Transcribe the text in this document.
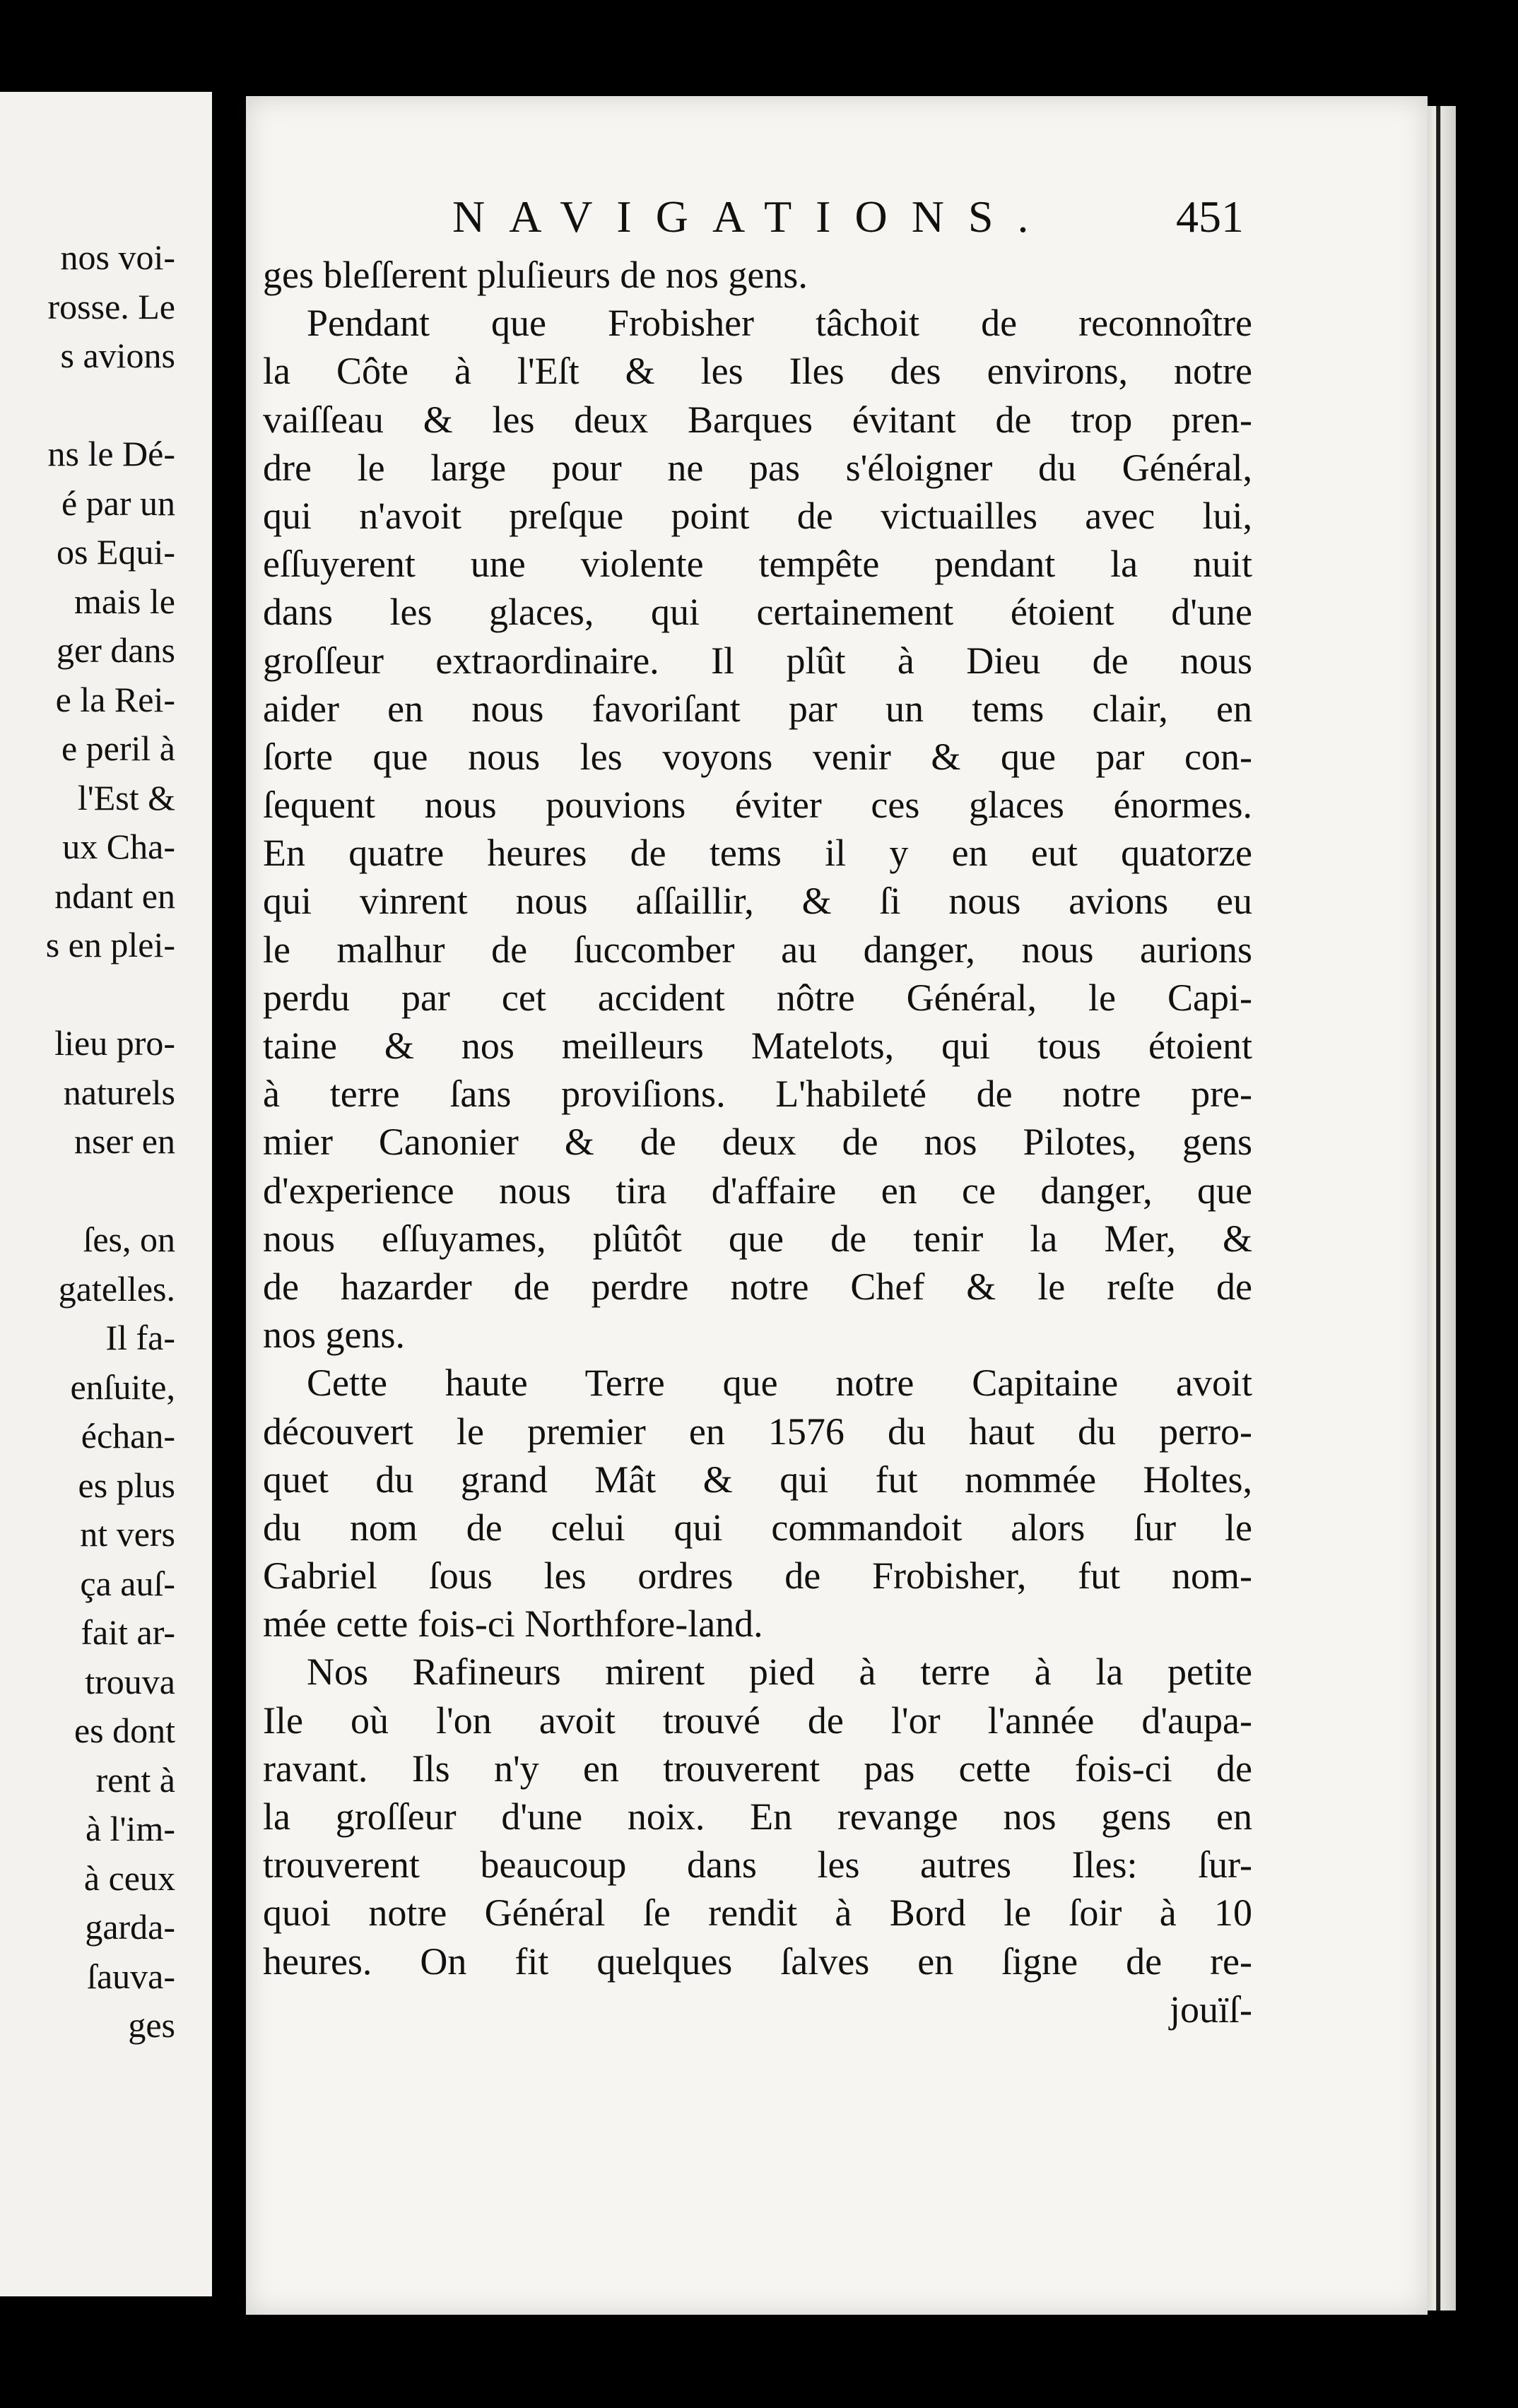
nos voi-
rosse. Le
s avions
ns le Dé-
é par un
os Equi-
mais le
ger dans
e la Rei-
e peril à
l'Est &
ux Cha-
ndant en
s en plei-
lieu pro-
naturels
nser en
ſes, on
gatelles.
Il fa-
enſuite,
échan-
es plus
nt vers
ça auſ-
fait ar-
trouva
es dont
rent à
à l'im-
à ceux
garda-
ſauva-
ges
NAVIGATIONS.	451
ges bleſſerent pluſieurs de nos gens.
Pendant que Frobisher tâchoit de reconnoître
la Côte à l'Eſt & les Iles des environs, notre
vaiſſeau & les deux Barques évitant de trop pren-
dre le large pour ne pas s'éloigner du Général,
qui n'avoit preſque point de victuailles avec lui,
eſſuyerent une violente tempête pendant la nuit
dans les glaces, qui certainement étoient d'une
groſſeur extraordinaire. Il plût à Dieu de nous
aider en nous favoriſant par un tems clair, en
ſorte que nous les voyons venir & que par con-
ſequent nous pouvions éviter ces glaces énormes.
En quatre heures de tems il y en eut quatorze
qui vinrent nous aſſaillir, & ſi nous avions eu
le malhur de ſuccomber au danger, nous aurions
perdu par cet accident nôtre Général, le Capi-
taine & nos meilleurs Matelots, qui tous étoient
à terre ſans proviſions. L'habileté de notre pre-
mier Canonier & de deux de nos Pilotes, gens
d'experience nous tira d'affaire en ce danger, que
nous eſſuyames, plûtôt que de tenir la Mer, &
de hazarder de perdre notre Chef & le reſte de
nos gens.
Cette haute Terre que notre Capitaine avoit
découvert le premier en 1576 du haut du perro-
quet du grand Mât & qui fut nommée Holtes,
du nom de celui qui commandoit alors ſur le
Gabriel ſous les ordres de Frobisher, fut nom-
mée cette fois-ci Northfore-land.
Nos Rafineurs mirent pied à terre à la petite
Ile où l'on avoit trouvé de l'or l'année d'aupa-
ravant. Ils n'y en trouverent pas cette fois-ci de
la groſſeur d'une noix. En revange nos gens en
trouverent beaucoup dans les autres Iles: ſur-
quoi notre Général ſe rendit à Bord le ſoir à 10
heures. On fit quelques ſalves en ſigne de re-
jouïſ-
